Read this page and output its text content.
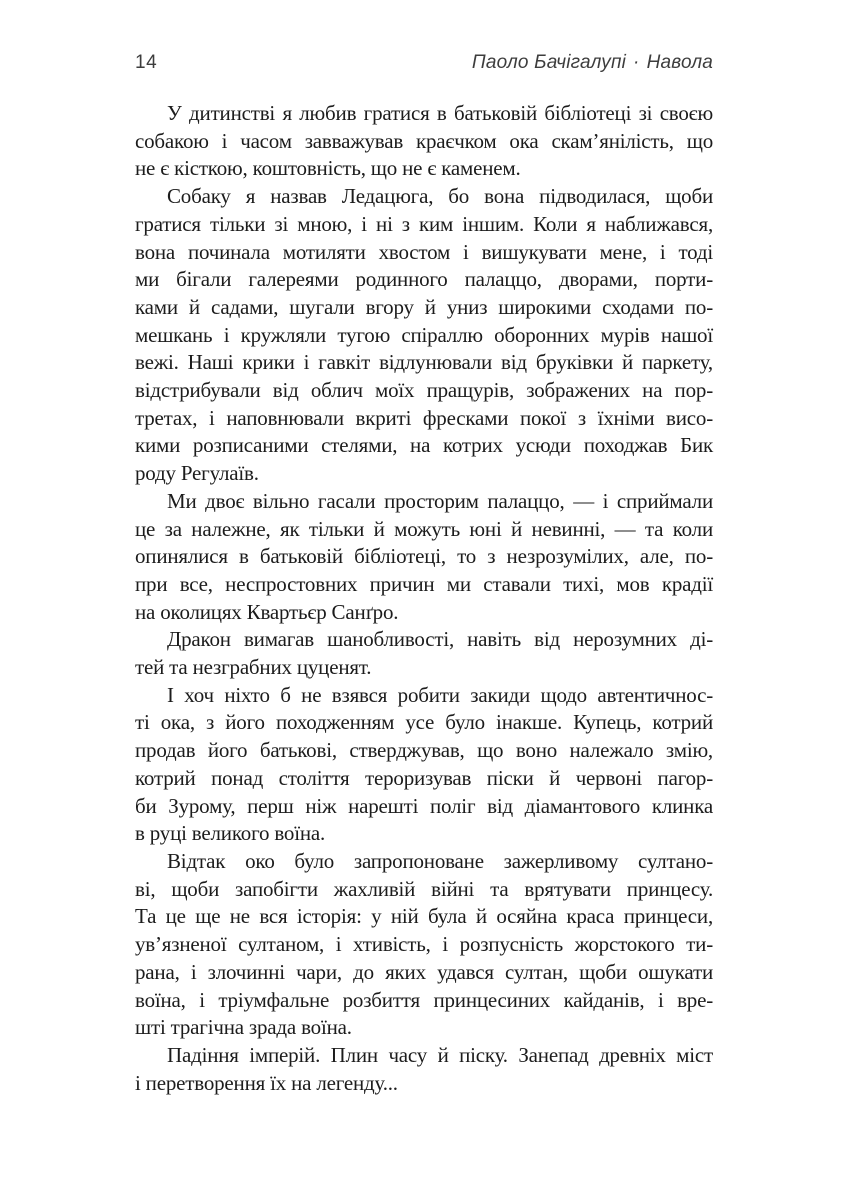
14	Паоло Бачігалупі · Навола

У дитинстві я любив гратися в батьковій бібліотеці зі своєю
собакою і часом завважував краєчком ока скам’янілість, що
не є кісткою, коштовність, що не є каменем.

Собаку я назвав Ледацюга, бо вона підводилася, щоби
гратися тільки зі мною, і ні з ким іншим. Коли я наближався,
вона починала мотиляти хвостом і вишукувати мене, і тоді
ми бігали галереями родинного палаццо, дворами, порти-
ками й садами, шугали вгору й униз широкими сходами по-
мешкань і кружляли тугою спіраллю оборонних мурів нашої
вежі. Наші крики і гавкіт відлунювали від бруківки й паркету,
відстрибували від облич моїх пращурів, зображених на пор-
третах, і наповнювали вкриті фресками покої з їхніми висо-
кими розписаними стелями, на котрих усюди походжав Бик
роду Регулаїв.

Ми двоє вільно гасали просторим палаццо, — і сприймали
це за належне, як тільки й можуть юні й невинні, — та коли
опинялися в батьковій бібліотеці, то з незрозумілих, але, по-
при все, неспростовних причин ми ставали тихі, мов крадії
на околицях Квартьєр Санґро.

Дракон вимагав шанобливості, навіть від нерозумних ді-
тей та незграбних цуценят.

І хоч ніхто б не взявся робити закиди щодо автентичнос-
ті ока, з його походженням усе було інакше. Купець, котрий
продав його батькові, стверджував, що воно належало змію,
котрий понад століття тероризував піски й червоні пагор-
би Зурому, перш ніж нарешті поліг від діамантового клинка
в руці великого воїна.

Відтак око було запропоноване зажерливому султано-
ві, щоби запобігти жахливій війні та врятувати принцесу.
Та це ще не вся історія: у ній була й осяйна краса принцеси,
ув’язненої султаном, і хтивість, і розпусність жорстокого ти-
рана, і злочинні чари, до яких удався султан, щоби ошукати
воїна, і тріумфальне розбиття принцесиних кайданів, і вре-
шті трагічна зрада воїна.

Падіння імперій. Плин часу й піску. Занепад древніх міст
і перетворення їх на легенду...
